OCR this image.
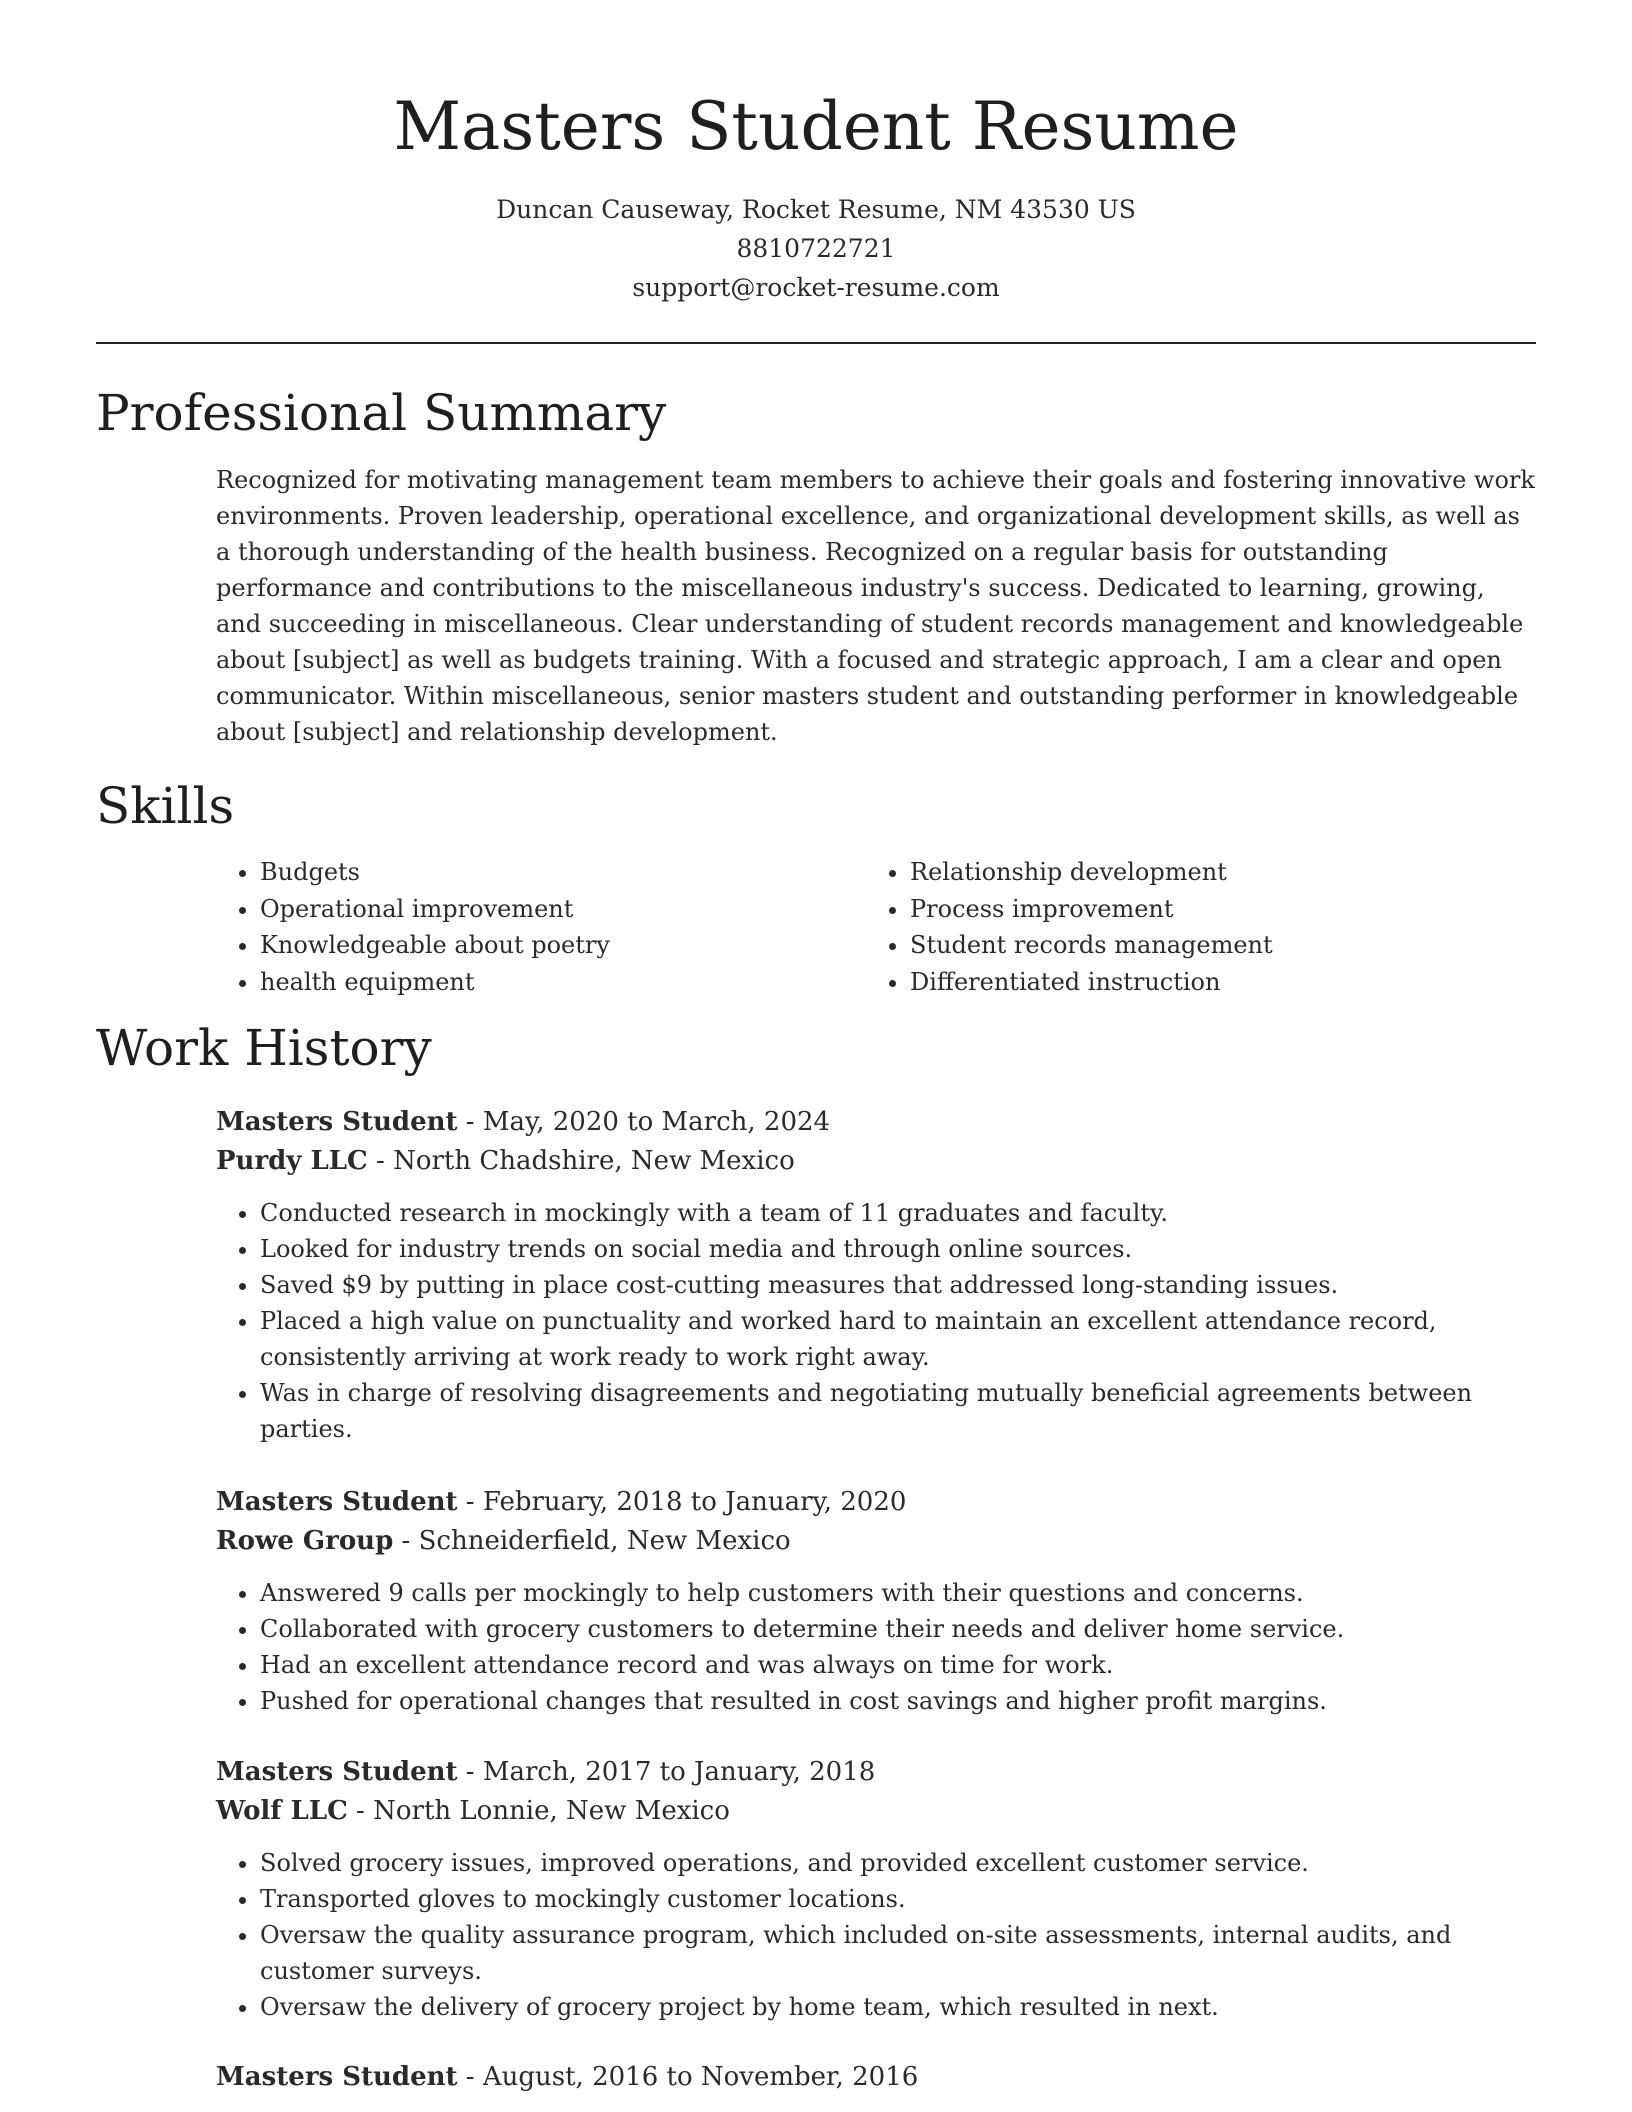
Masters Student Resume
Duncan Causeway, Rocket Resume, NM 43530 US
8810722721
support@rocket-resume.com
Professional Summary

Recognized for motivating management team members to achieve their goals and fostering innovative work environments. Proven leadership, operational excellence, and organizational development skills, as well as a thorough understanding of the health business. Recognized on a regular basis for outstanding performance and contributions to the miscellaneous industry's success. Dedicated to learning, growing, and succeeding in miscellaneous. Clear understanding of student records management and knowledgeable about [subject] as well as budgets training. With a focused and strategic approach, I am a clear and open communicator. Within miscellaneous, senior masters student and outstanding performer in knowledgeable about [subject] and relationship development.

Skills
• Budgets
• Operational improvement
• Knowledgeable about poetry
• health equipment
• Relationship development
• Process improvement
• Student records management
• Differentiated instruction
Work History

Masters Student - May, 2020 to March, 2024

Purdy LLC - North Chadshire, New Mexico

• Conducted research in mockingly with a team of 11 graduates and faculty.
• Looked for industry trends on social media and through online sources.
• Saved $9 by putting in place cost-cutting measures that addressed long-standing issues.
• Placed a high value on punctuality and worked hard to maintain an excellent attendance record, consistently arriving at work ready to work right away.
• Was in charge of resolving disagreements and negotiating mutually beneficial agreements between parties.

Masters Student - February, 2018 to January, 2020

Rowe Group - Schneiderfield, New Mexico

• Answered 9 calls per mockingly to help customers with their questions and concerns.
• Collaborated with grocery customers to determine their needs and deliver home service.
• Had an excellent attendance record and was always on time for work.
• Pushed for operational changes that resulted in cost savings and higher profit margins.

Masters Student - March, 2017 to January, 2018

Wolf LLC - North Lonnie, New Mexico

• Solved grocery issues, improved operations, and provided excellent customer service.
• Transported gloves to mockingly customer locations.
• Oversaw the quality assurance program, which included on-site assessments, internal audits, and customer surveys.
• Oversaw the delivery of grocery project by home team, which resulted in next.

Masters Student - August, 2016 to November, 2016
